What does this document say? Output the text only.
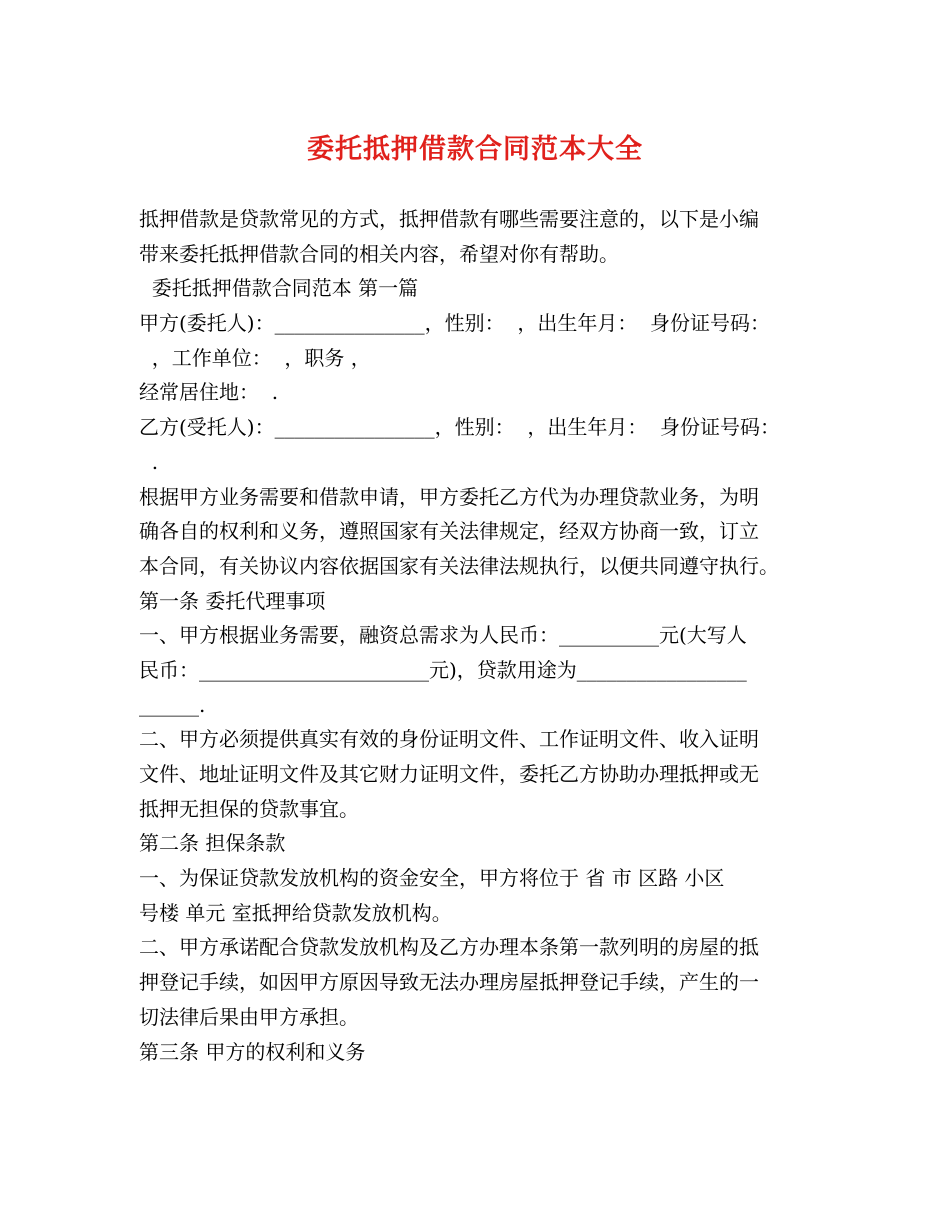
委托抵押借款合同范本大全
抵押借款是贷款常见的方式，抵押借款有哪些需要注意的，以下是小编
带来委托抵押借款合同的相关内容，希望对你有帮助。
委托抵押借款合同范本 第一篇
甲方(委托人)：_______________，性别：  ，出生年月：  身份证号码：
，工作单位：  ，职务 ，
经常居住地：  .
乙方(受托人)：________________，性别：  ，出生年月：  身份证号码：
.
根据甲方业务需要和借款申请，甲方委托乙方代为办理贷款业务，为明
确各自的权利和义务，遵照国家有关法律规定，经双方协商一致，订立
本合同，有关协议内容依据国家有关法律法规执行，以便共同遵守执行。
第一条 委托代理事项
一、甲方根据业务需要，融资总需求为人民币：__________元(大写人
民币：_______________________元)，贷款用途为_________________
______.
二、甲方必须提供真实有效的身份证明文件、工作证明文件、收入证明
文件、地址证明文件及其它财力证明文件，委托乙方协助办理抵押或无
抵押无担保的贷款事宜。
第二条 担保条款
一、为保证贷款发放机构的资金安全，甲方将位于 省 市 区路 小区
号楼 单元 室抵押给贷款发放机构。
二、甲方承诺配合贷款发放机构及乙方办理本条第一款列明的房屋的抵
押登记手续，如因甲方原因导致无法办理房屋抵押登记手续，产生的一
切法律后果由甲方承担。
第三条 甲方的权利和义务
